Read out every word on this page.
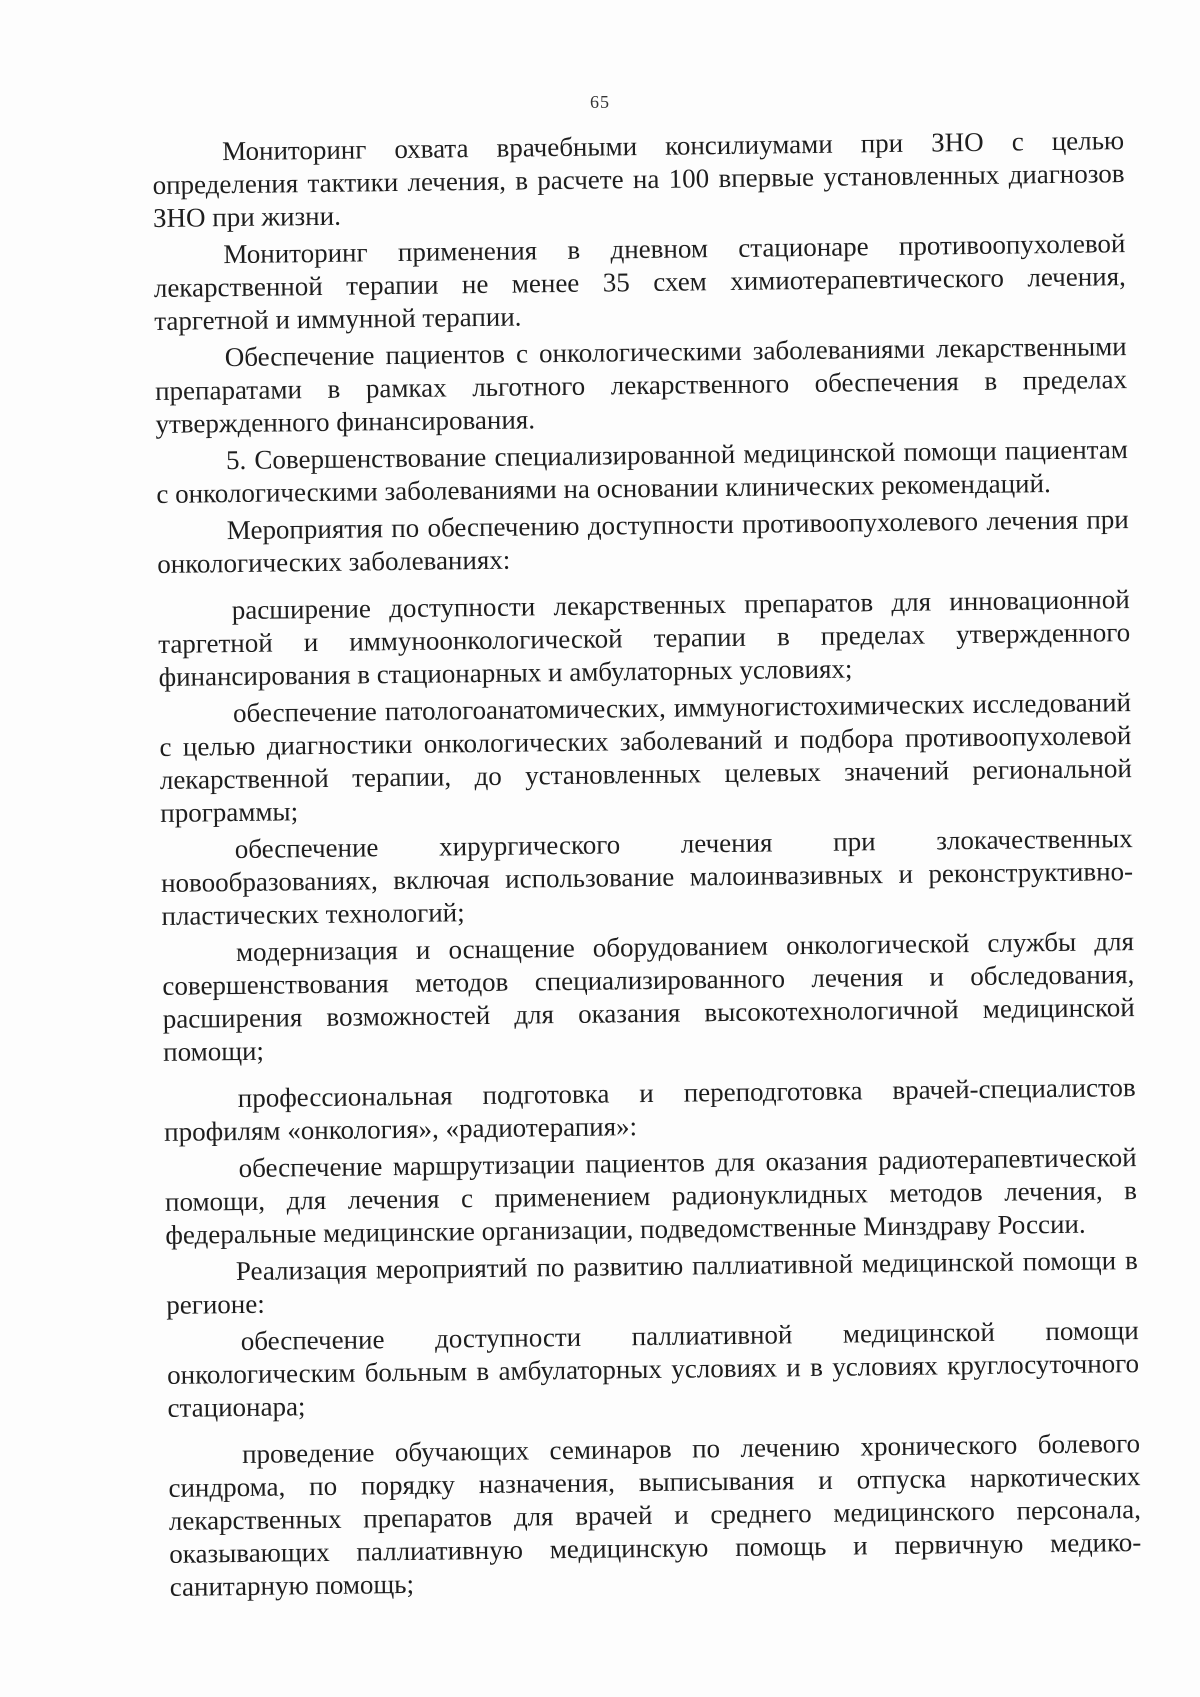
65

Мониторинг охвата врачебными консилиумами при ЗНО с целью определения тактики лечения, в расчете на 100 впервые установленных диагнозов ЗНО при жизни.

Мониторинг применения в дневном стационаре противоопухолевой лекарственной терапии не менее 35 схем химиотерапевтического лечения, таргетной и иммунной терапии.

Обеспечение пациентов с онкологическими заболеваниями лекарственными препаратами в рамках льготного лекарственного обеспечения в пределах утвержденного финансирования.

5. Совершенствование специализированной медицинской помощи пациентам с онкологическими заболеваниями на основании клинических рекомендаций.

Мероприятия по обеспечению доступности противоопухолевого лечения при онкологических заболеваниях:

расширение доступности лекарственных препаратов для инновационной таргетной и иммуноонкологической терапии в пределах утвержденного финансирования в стационарных и амбулаторных условиях;

обеспечение патологоанатомических, иммуногистохимических исследований с целью диагностики онкологических заболеваний и подбора противоопухолевой лекарственной терапии, до установленных целевых значений региональной программы;

обеспечение хирургического лечения при злокачественных новообразованиях, включая использование малоинвазивных и реконструктивно-пластических технологий;

модернизация и оснащение оборудованием онкологической службы для совершенствования методов специализированного лечения и обследования, расширения возможностей для оказания высокотехнологичной медицинской помощи;

профессиональная подготовка и переподготовка врачей-специалистов профилям «онкология», «радиотерапия»:

обеспечение маршрутизации пациентов для оказания радиотерапевтической помощи, для лечения с применением радионуклидных методов лечения, в федеральные медицинские организации, подведомственные Минздраву России.

Реализация мероприятий по развитию паллиативной медицинской помощи в регионе:

обеспечение доступности паллиативной медицинской помощи онкологическим больным в амбулаторных условиях и в условиях круглосуточного стационара;

проведение обучающих семинаров по лечению хронического болевого синдрома, по порядку назначения, выписывания и отпуска наркотических лекарственных препаратов для врачей и среднего медицинского персонала, оказывающих паллиативную медицинскую помощь и первичную медико-санитарную помощь;
